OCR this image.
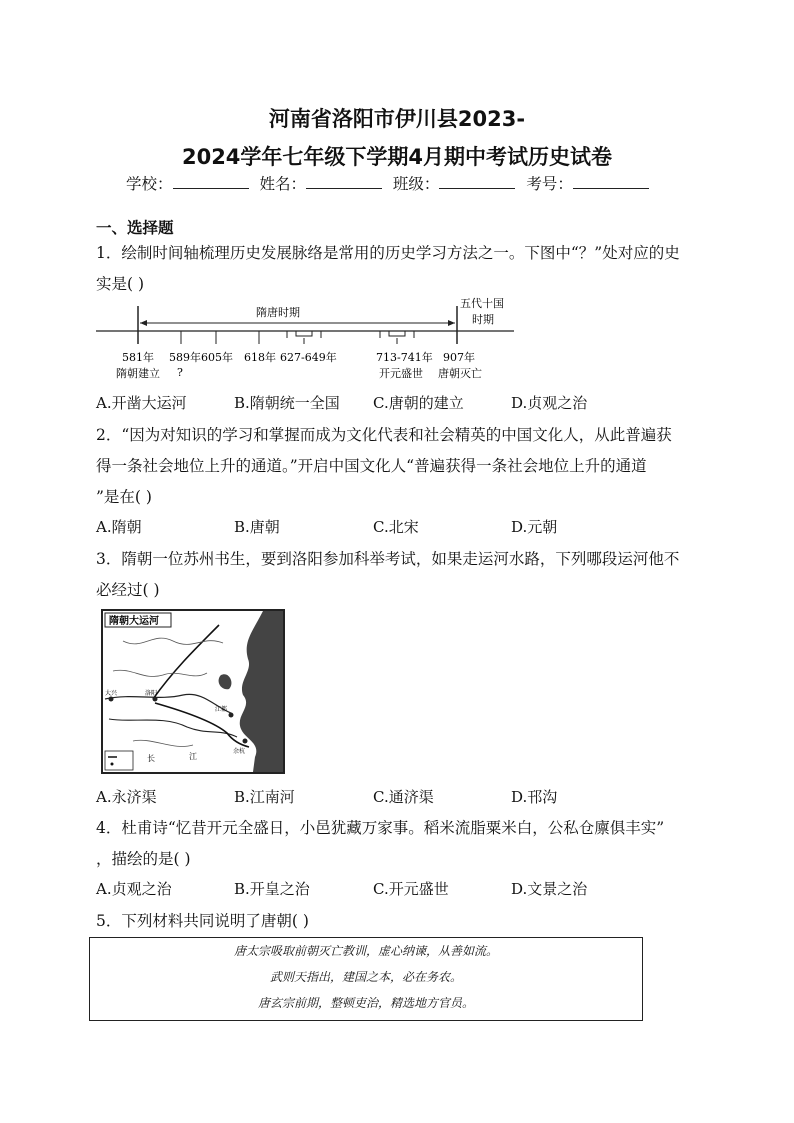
河南省洛阳市伊川县2023-
2024学年七年级下学期4月期中考试历史试卷
学校：	姓名：	班级：	考号：
一、选择题
1．绘制时间轴梳理历史发展脉络是常用的历史学习方法之一。下图中“？”处对应的史
实是( )
隋唐时期
五代十国
时期
581年
隋朝建立
589年
?
605年 618年 627-649年	713-741年
开元盛世
907年
唐朝灭亡
A.开凿大运河	B.隋朝统一全国 C.唐朝的建立	D.贞观之治
2．“因为对知识的学习和掌握而成为文化代表和社会精英的中国文化人，从此普遍获
得一条社会地位上升的通道。”开启中国文化人“普遍获得一条社会地位上升的通道
”是在( )
A.隋朝	B.唐朝	C.北宋	D.元朝
3．隋朝一位苏州书生，要到洛阳参加科举考试，如果走运河水路，下列哪段运河他不
必经过( )
隋朝大运河
大兴	洛阳
江都
余杭
长	江
A.永济渠	B.江南河	C.通济渠	D.邗沟
4．杜甫诗“忆昔开元全盛日，小邑犹藏万家事。稻米流脂粟米白，公私仓廪俱丰实”
，描绘的是( )
A.贞观之治	B.开皇之治	C.开元盛世	D.文景之治
5．下列材料共同说明了唐朝( )
唐太宗吸取前朝灭亡教训，虚心纳谏，从善如流。
武则天指出，建国之本，必在务农。
唐玄宗前期，整顿吏治，精选地方官员。
